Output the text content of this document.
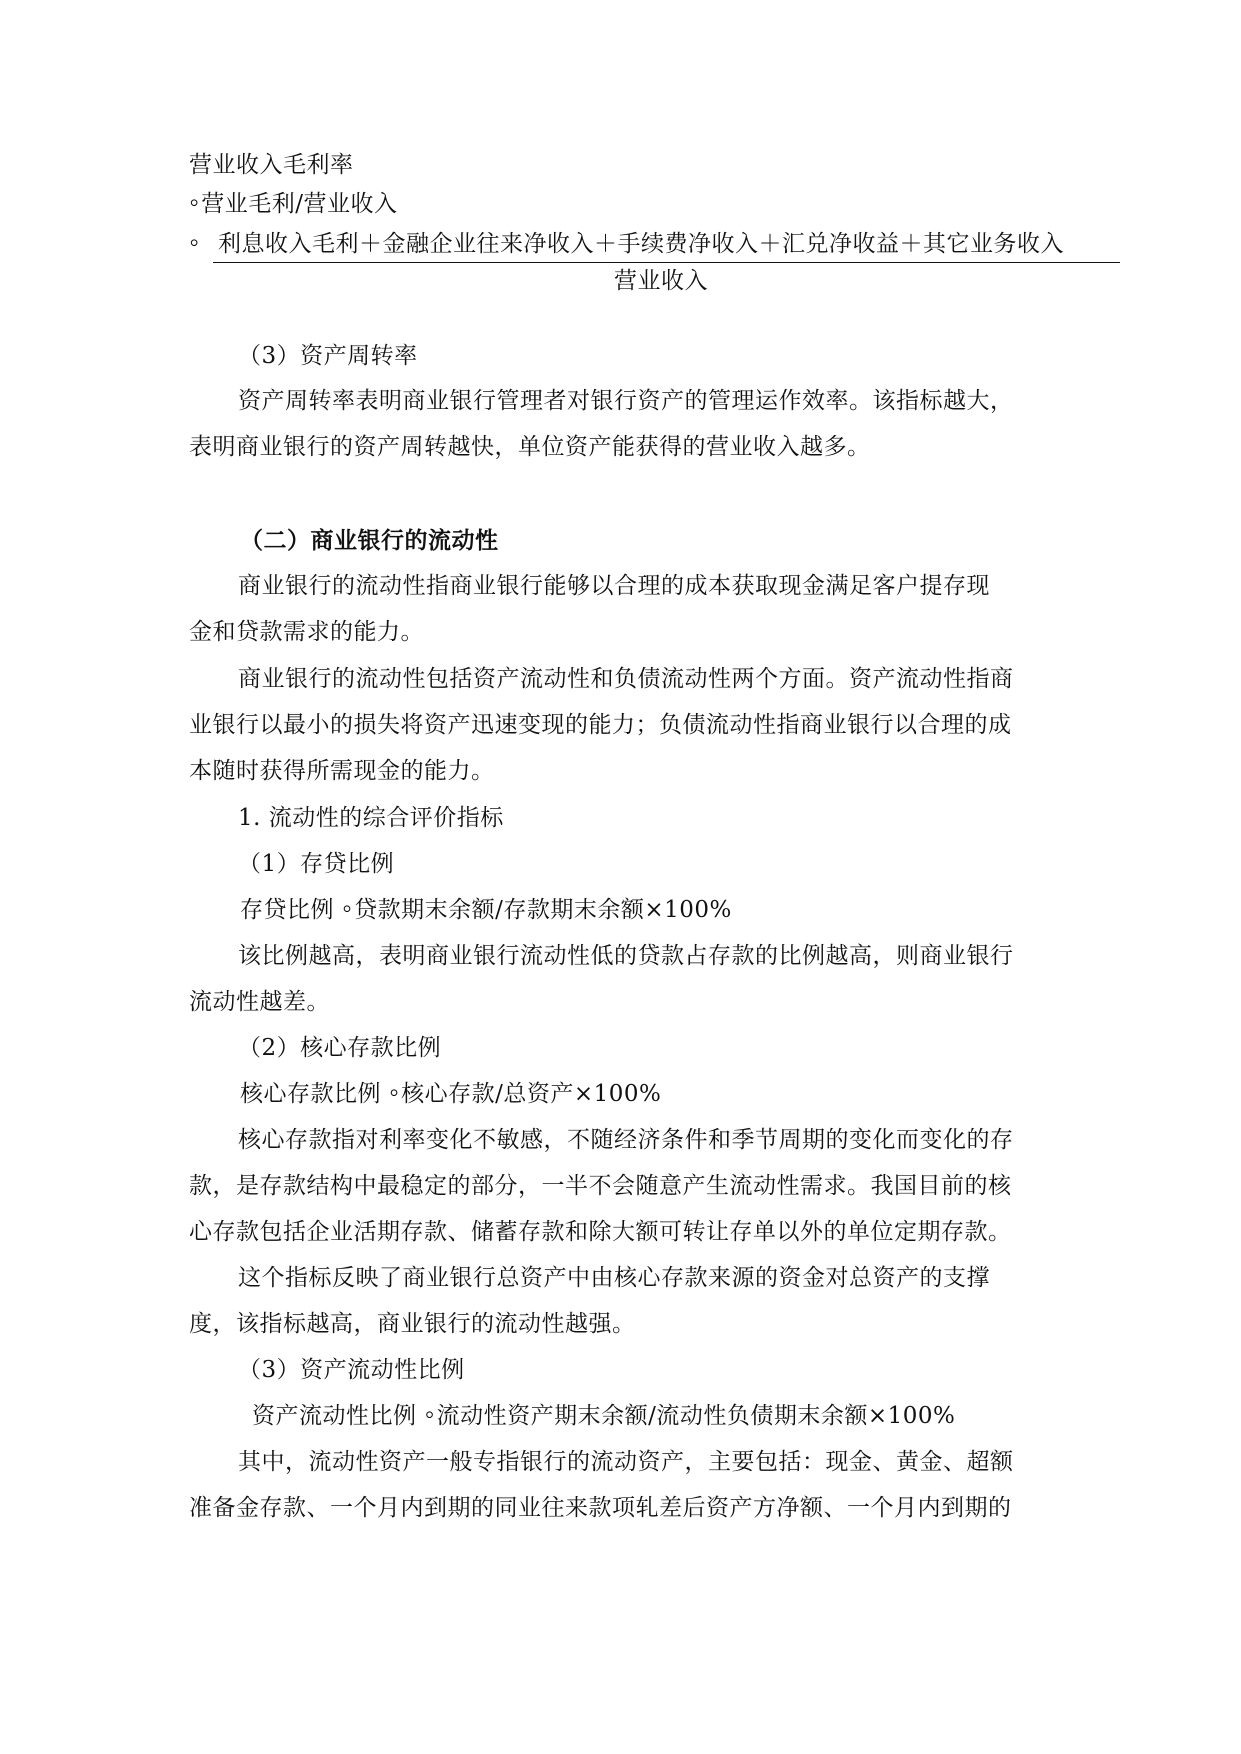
营业收入毛利率
⸰营业毛利/营业收入
⸰ 利息收入毛利＋金融企业往来净收入＋手续费净收入＋汇兑净收益＋其它业务收入
营业收入
（3）资产周转率
资产周转率表明商业银行管理者对银行资产的管理运作效率。该指标越大，
表明商业银行的资产周转越快，单位资产能获得的营业收入越多。
（二）商业银行的流动性
商业银行的流动性指商业银行能够以合理的成本获取现金满足客户提存现
金和贷款需求的能力。
商业银行的流动性包括资产流动性和负债流动性两个方面。资产流动性指商
业银行以最小的损失将资产迅速变现的能力；负债流动性指商业银行以合理的成
本随时获得所需现金的能力。
1. 流动性的综合评价指标
（1）存贷比例
存贷比例 ⸰贷款期末余额/存款期末余额×100%
该比例越高，表明商业银行流动性低的贷款占存款的比例越高，则商业银行
流动性越差。
（2）核心存款比例
核心存款比例 ⸰核心存款/总资产×100%
核心存款指对利率变化不敏感，不随经济条件和季节周期的变化而变化的存
款，是存款结构中最稳定的部分，一半不会随意产生流动性需求。我国目前的核
心存款包括企业活期存款、储蓄存款和除大额可转让存单以外的单位定期存款。
这个指标反映了商业银行总资产中由核心存款来源的资金对总资产的支撑
度，该指标越高，商业银行的流动性越强。
（3）资产流动性比例
资产流动性比例 ⸰流动性资产期末余额/流动性负债期末余额×100%
其中，流动性资产一般专指银行的流动资产，主要包括：现金、黄金、超额
准备金存款、一个月内到期的同业往来款项轧差后资产方净额、一个月内到期的
